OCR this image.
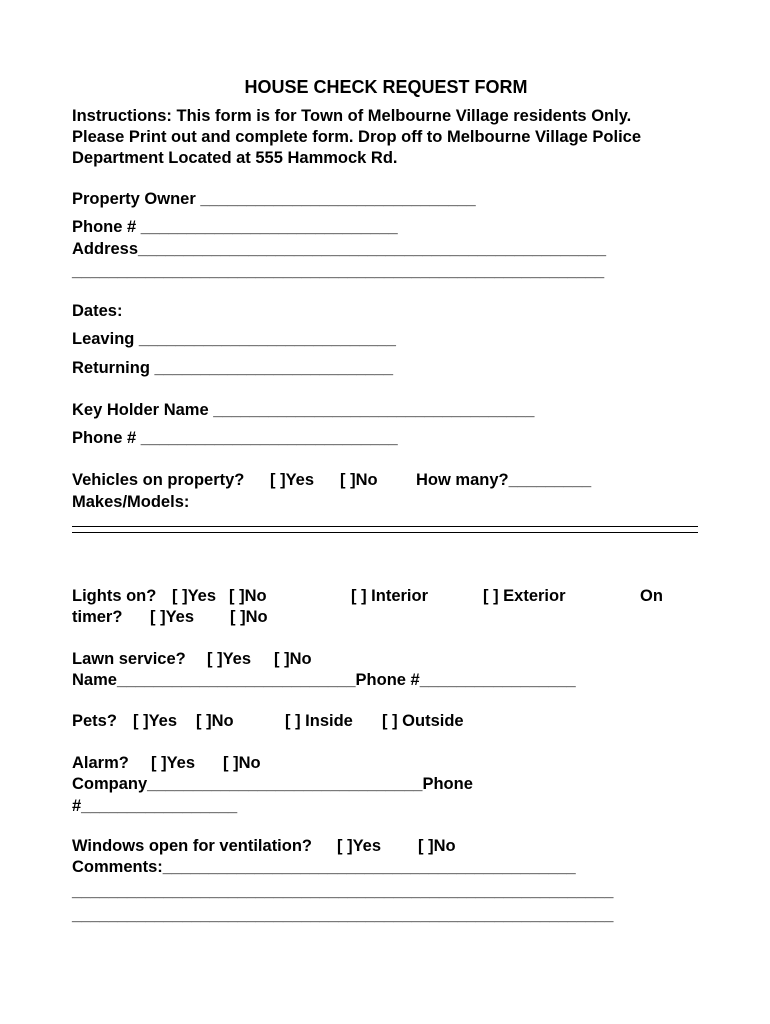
HOUSE CHECK REQUEST FORM
Instructions: This form is for Town of Melbourne Village residents Only.
Please Print out and complete form. Drop off to Melbourne Village Police
Department Located at 555 Hammock Rd.
Property Owner ______________________________
Phone # ____________________________
Address___________________________________________________
__________________________________________________________
Dates:
Leaving ____________________________
Returning __________________________
Key Holder Name ___________________________________
Phone # ____________________________
Vehicles on property? [ ]Yes [ ]No How many?_________
Makes/Models:
Lights on? [ ]Yes [ ]No	[ ] Interior	[ ] Exterior	On
timer? [ ]Yes [ ]No
Lawn service? [ ]Yes [ ]No
Name__________________________Phone #_________________
Pets? [ ]Yes [ ]No	[ ] Inside [ ] Outside
Alarm? [ ]Yes [ ]No
Company______________________________Phone
#_________________
Windows open for ventilation? [ ]Yes [ ]No
Comments:_____________________________________________
___________________________________________________________
___________________________________________________________
